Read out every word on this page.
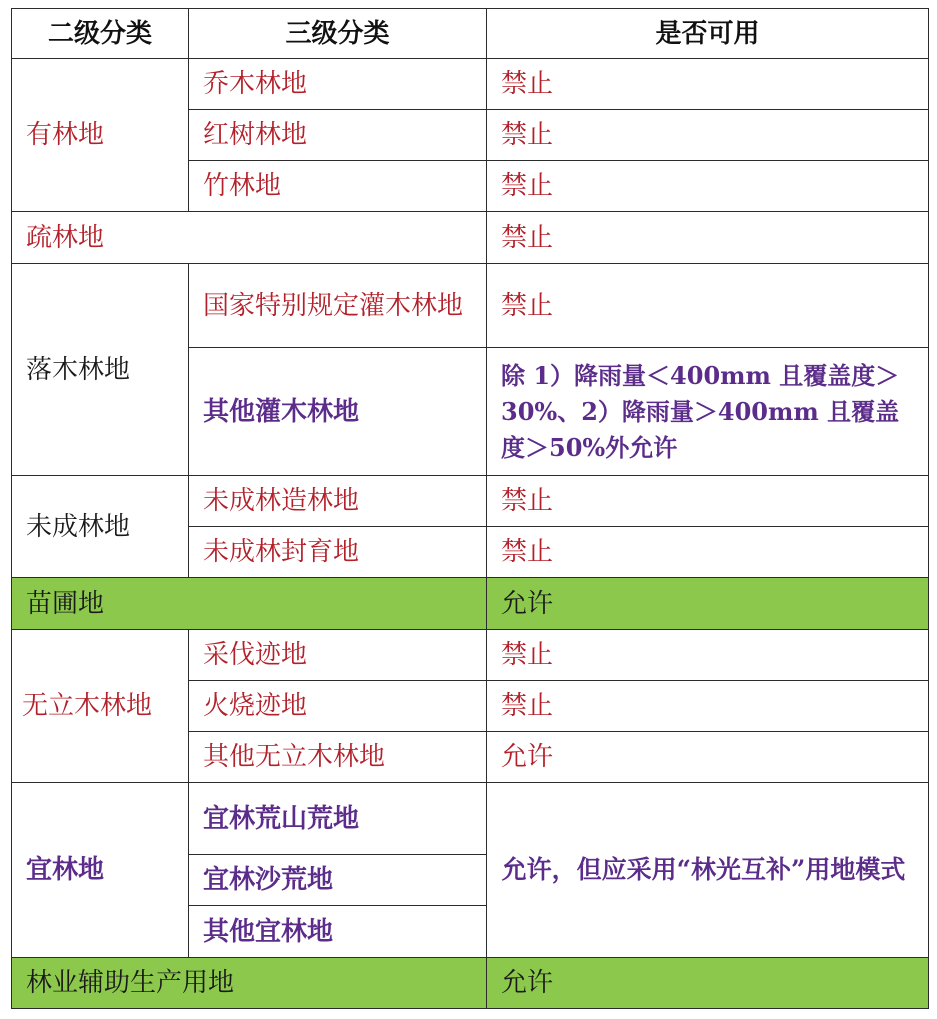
二级分类	三级分类	是否可用
有林地	乔木林地	禁止
	红树林地	禁止
	竹林地	禁止
疏林地		禁止
落木林地	国家特别规定灌木林地	禁止
	其他灌木林地	除 1）降雨量＜400mm 且覆盖度＞30%、2）降雨量＞400mm 且覆盖度＞50%外允许
未成林地	未成林造林地	禁止
	未成林封育地	禁止
苗圃地		允许
无立木林地	采伐迹地	禁止
	火烧迹地	禁止
	其他无立木林地	允许
宜林地	宜林荒山荒地	允许，但应采用“林光互补”用地模式
	宜林沙荒地	
	其他宜林地	
林业辅助生产用地		允许
